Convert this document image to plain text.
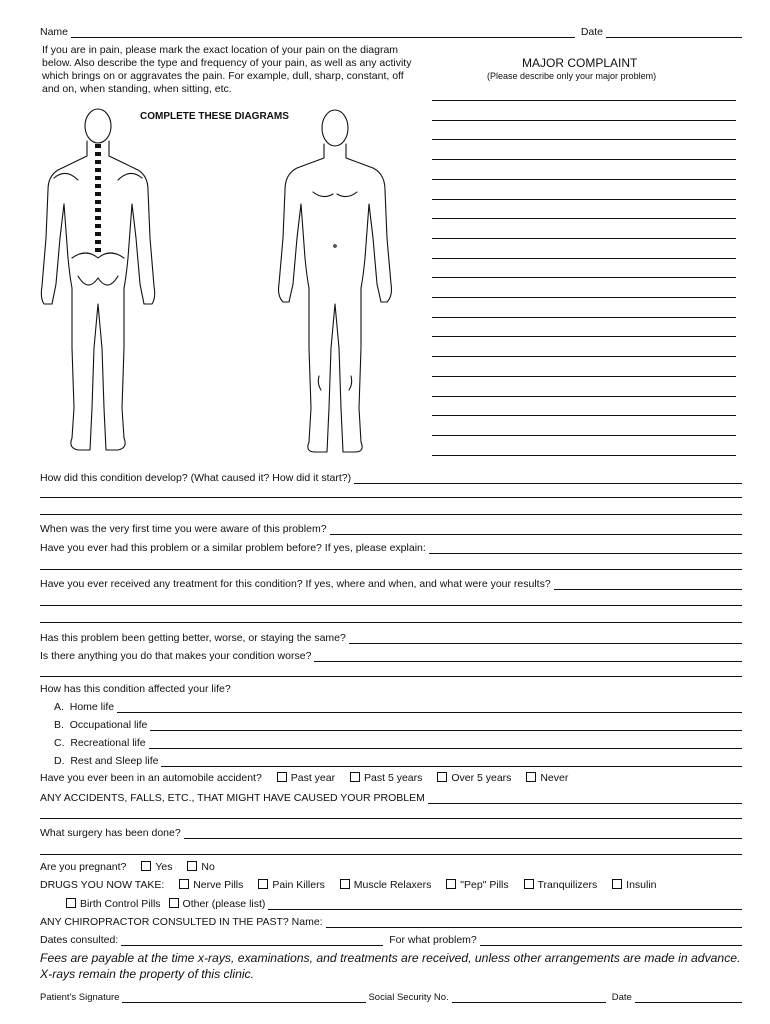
Name	Date
If you are in pain, please mark the exact location of your pain on the diagram below. Also describe the type and frequency of your pain, as well as any activity which brings on or aggravates the pain. For example, dull, sharp, constant, off and on, when standing, when sitting, etc.
COMPLETE THESE DIAGRAMS
MAJOR COMPLAINT
(Please describe only your major problem)
How did this condition develop? (What caused it? How did it start?)
When was the very first time you were aware of this problem?
Have you ever had this problem or a similar problem before? If yes, please explain:
Have you ever received any treatment for this condition? If yes, where and when, and what were your results?
Has this problem been getting better, worse, or staying the same?
Is there anything you do that makes your condition worse?
How has this condition affected your life?
A.  Home life
B.  Occupational life
C.  Recreational life
D.  Rest and Sleep life
Have you ever been in an automobile accident?	Past year	Past 5 years	Over 5 years	Never
ANY ACCIDENTS, FALLS, ETC., THAT MIGHT HAVE CAUSED YOUR PROBLEM
What surgery has been done?
Are you pregnant?	Yes	No
DRUGS YOU NOW TAKE:	Nerve Pills	Pain Killers	Muscle Relaxers	"Pep" Pills	Tranquilizers	Insulin
Birth Control Pills	Other (please list)
ANY CHIROPRACTOR CONSULTED IN THE PAST? Name:
Dates consulted:	For what problem?
Fees are payable at the time x-rays, examinations, and treatments are received, unless other arrangements are made in advance. X-rays remain the property of this clinic.
Patient's Signature	Social Security No.	Date
